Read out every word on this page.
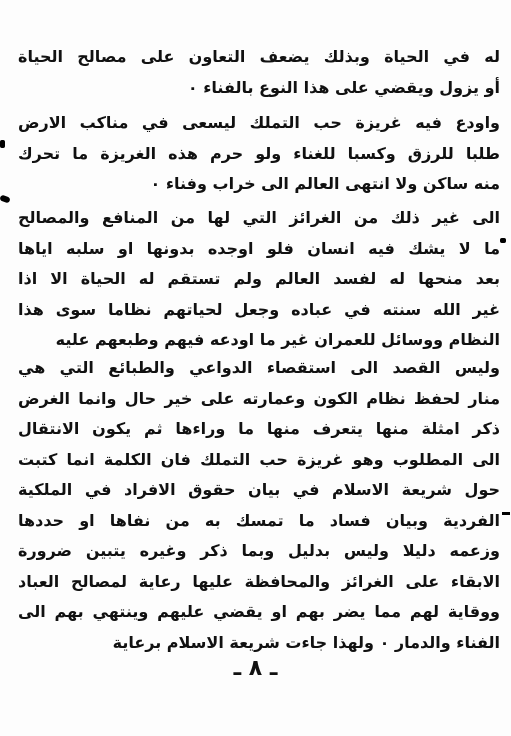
له في الحياة وبذلك يضعف التعاون على مصالح الحياة
أو يزول ويقضي على هذا النوع بالفناء ٠
واودع فيه غريزة حب التملك ليسعى في مناكب الارض
طلبا للرزق وكسبا للغناء ولو حرم هذه الغريزة ما تحرك
منه ساكن ولا انتهى العالم الى خراب وفناء ٠
الى غير ذلك من الغرائز التي لها من المنافع والمصالح
ما لا يشك فيه انسان فلو اوجده بدونها او سلبه اياها
بعد منحها له لفسد العالم ولم تستقم له الحياة الا اذا
غير الله سنته في عباده وجعل لحياتهم نظاما سوى هذا
النظام ووسائل للعمران غير ما اودعه فيهم وطبعهم عليه
وليس القصد الى استقصاء الدواعي والطبائع التي هي
منار لحفظ نظام الكون وعمارته على خير حال وانما الغرض
ذكر امثلة منها يتعرف منها ما وراءها ثم يكون الانتقال
الى المطلوب وهو غريزة حب التملك فان الكلمة انما كتبت
حول شريعة الاسلام في بيان حقوق الافراد في الملكية
الفردية وبيان فساد ما تمسك به من نفاها او حددها
وزعمه دليلا وليس بدليل وبما ذكر وغيره يتبين ضرورة
الابقاء على الغرائز والمحافظة عليها رعاية لمصالح العباد
ووقاية لهم مما يضر بهم او يقضي عليهم وينتهي بهم الى
الفناء والدمار ٠ ولهذا جاءت شريعة الاسلام برعاية
ـ ٨ ـ
